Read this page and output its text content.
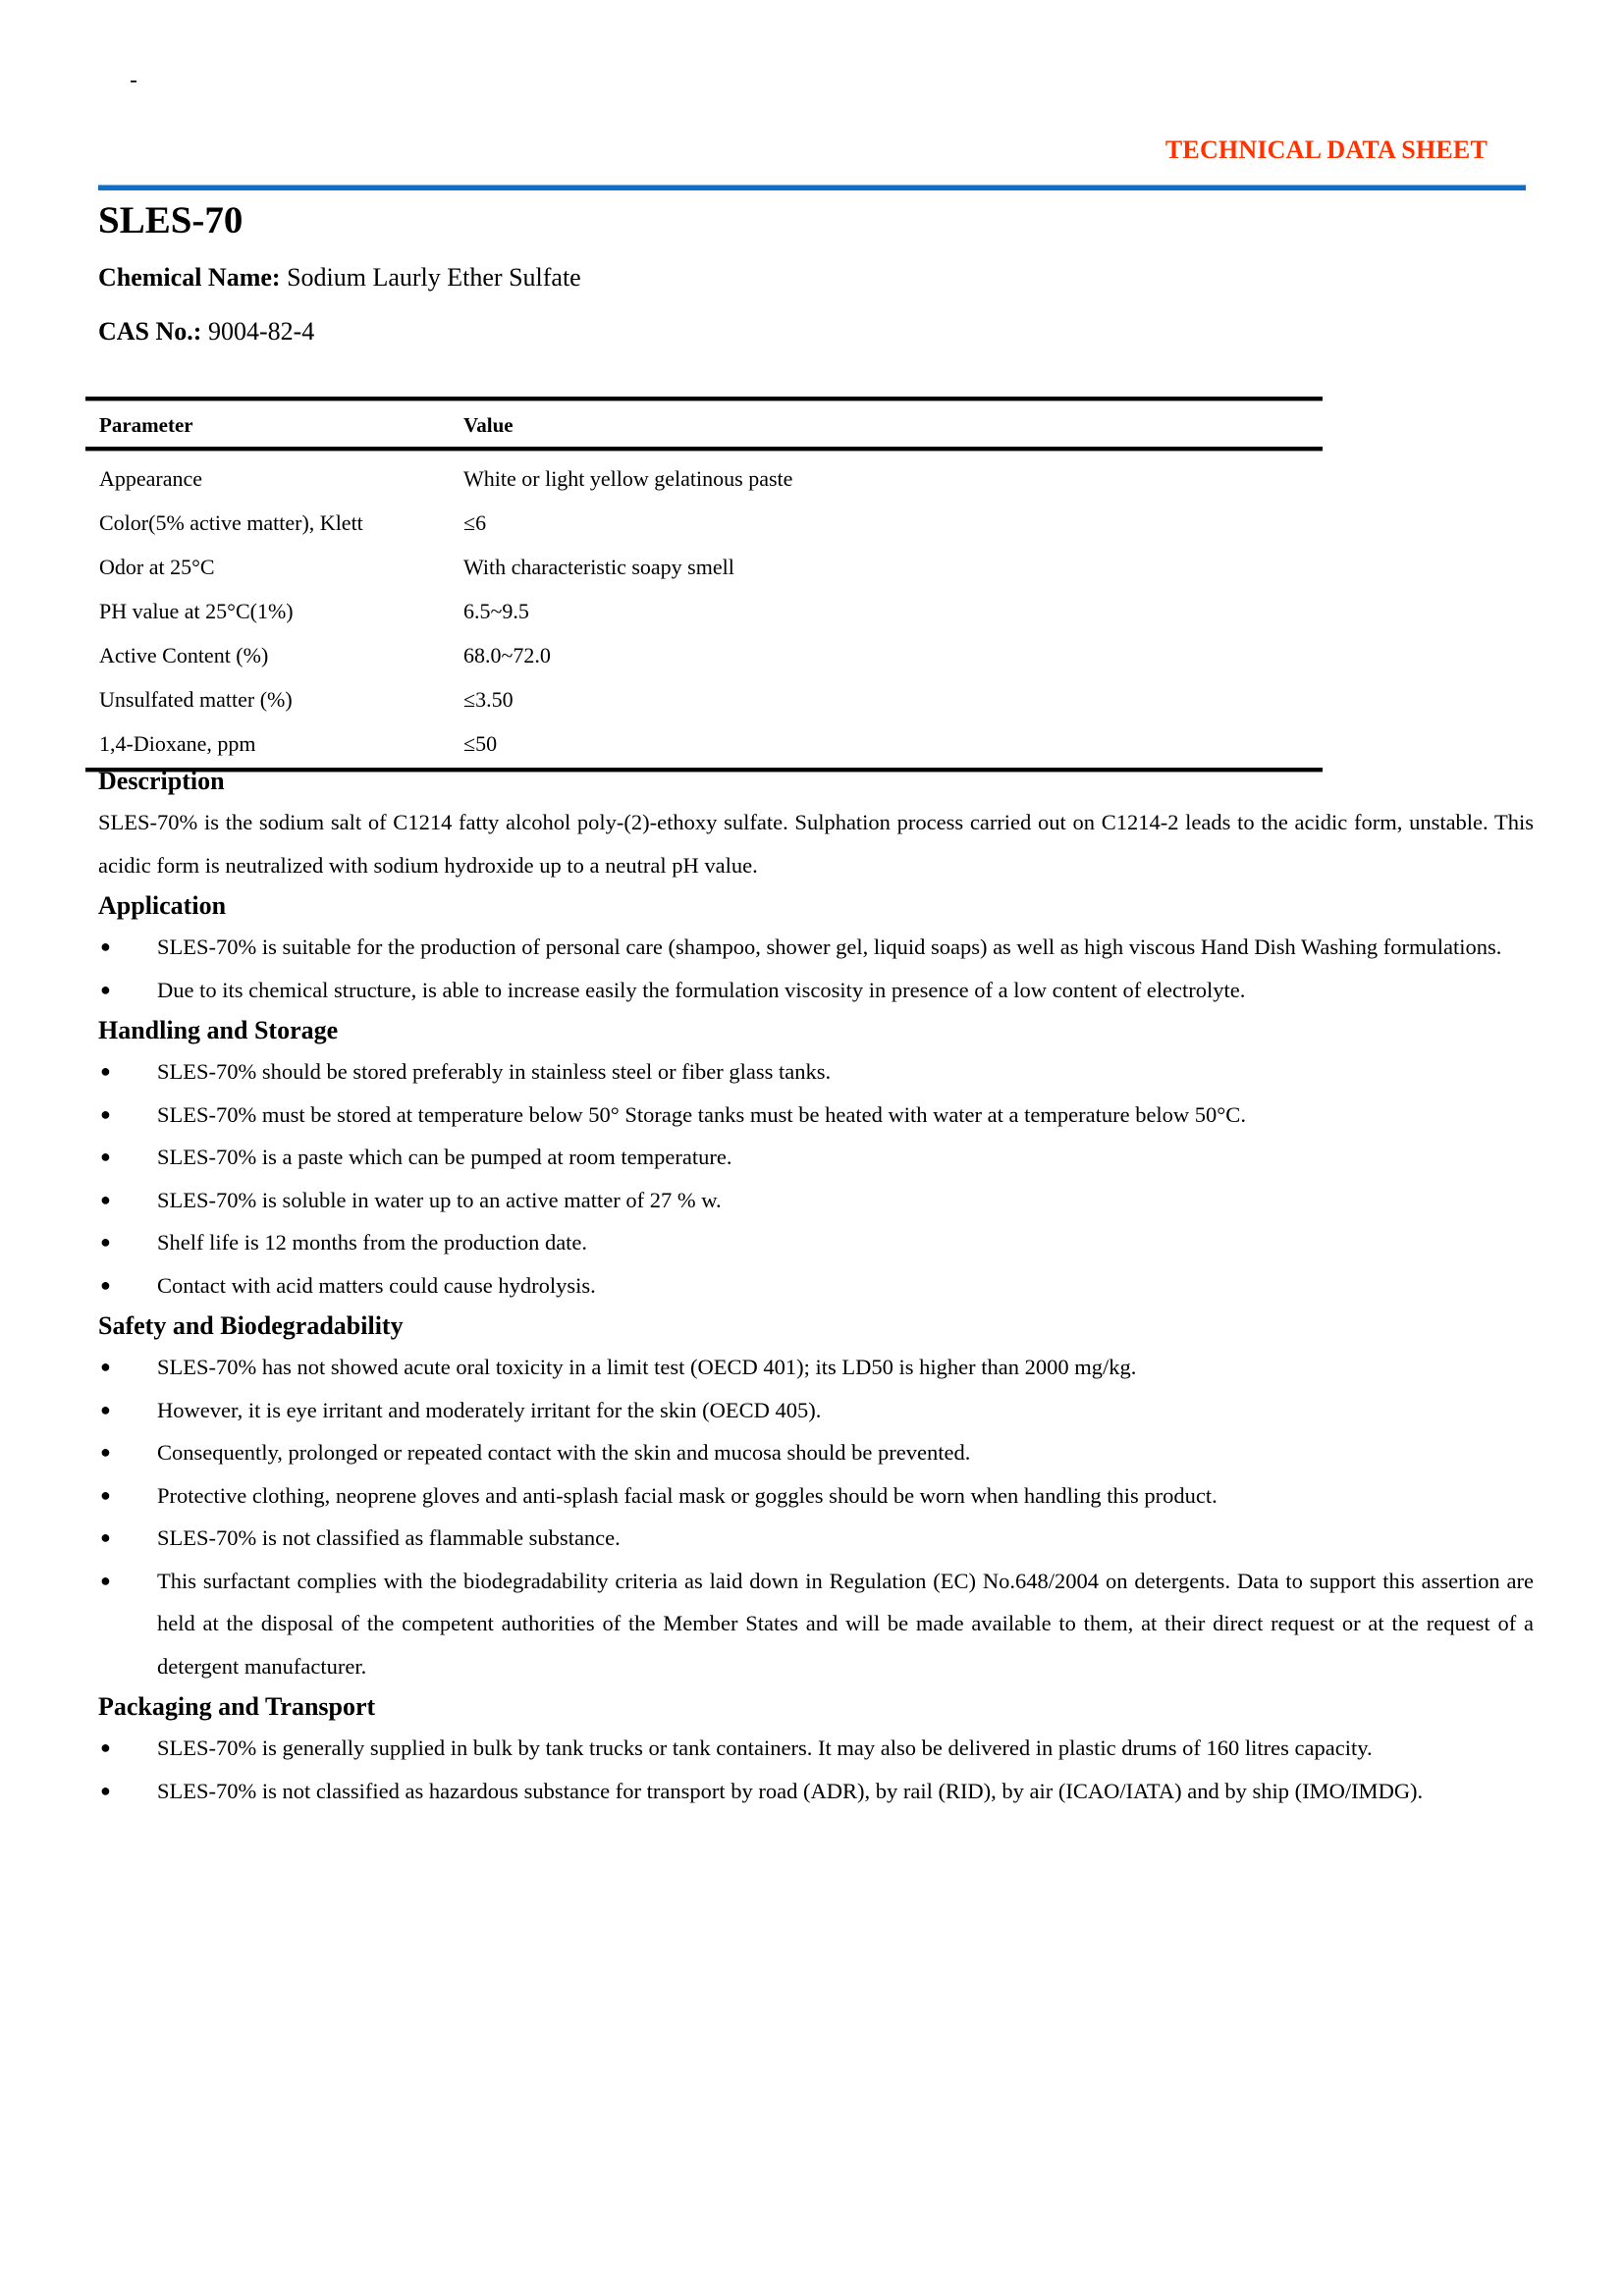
TECHNICAL DATA SHEET
SLES-70
Chemical Name: Sodium Laurly Ether Sulfate
CAS No.: 9004-82-4
Parameter	Value
Appearance	White or light yellow gelatinous paste
Color(5% active matter), Klett	≤6
Odor at 25°C	With characteristic soapy smell
PH value at 25°C(1%)	6.5~9.5
Active Content (%)	68.0~72.0
Unsulfated matter (%)	≤3.50
1,4-Dioxane, ppm	≤50
Description

SLES-70% is the sodium salt of C1214 fatty alcohol poly-(2)-ethoxy sulfate. Sulphation process carried out on C1214-2 leads to the acidic form, unstable. This acidic form is neutralized with sodium hydroxide up to a neutral pH value.

Application
● SLES-70% is suitable for the production of personal care (shampoo, shower gel, liquid soaps) as well as high viscous Hand Dish Washing formulations.
● Due to its chemical structure, is able to increase easily the formulation viscosity in presence of a low content of electrolyte.
Handling and Storage
● SLES-70% should be stored preferably in stainless steel or fiber glass tanks.
● SLES-70% must be stored at temperature below 50° Storage tanks must be heated with water at a temperature below 50°C.
● SLES-70% is a paste which can be pumped at room temperature.
● SLES-70% is soluble in water up to an active matter of 27 % w.
● Shelf life is 12 months from the production date.
● Contact with acid matters could cause hydrolysis.
Safety and Biodegradability
● SLES-70% has not showed acute oral toxicity in a limit test (OECD 401); its LD50 is higher than 2000 mg/kg.
● However, it is eye irritant and moderately irritant for the skin (OECD 405).
● Consequently, prolonged or repeated contact with the skin and mucosa should be prevented.
● Protective clothing, neoprene gloves and anti-splash facial mask or goggles should be worn when handling this product.
● SLES-70% is not classified as flammable substance.
● This surfactant complies with the biodegradability criteria as laid down in Regulation (EC) No.648/2004 on detergents. Data to support this assertion are held at the disposal of the competent authorities of the Member States and will be made available to them, at their direct request or at the request of a detergent manufacturer.
Packaging and Transport
● SLES-70% is generally supplied in bulk by tank trucks or tank containers. It may also be delivered in plastic drums of 160 litres capacity.
● SLES-70% is not classified as hazardous substance for transport by road (ADR), by rail (RID), by air (ICAO/IATA) and by ship (IMO/IMDG).
